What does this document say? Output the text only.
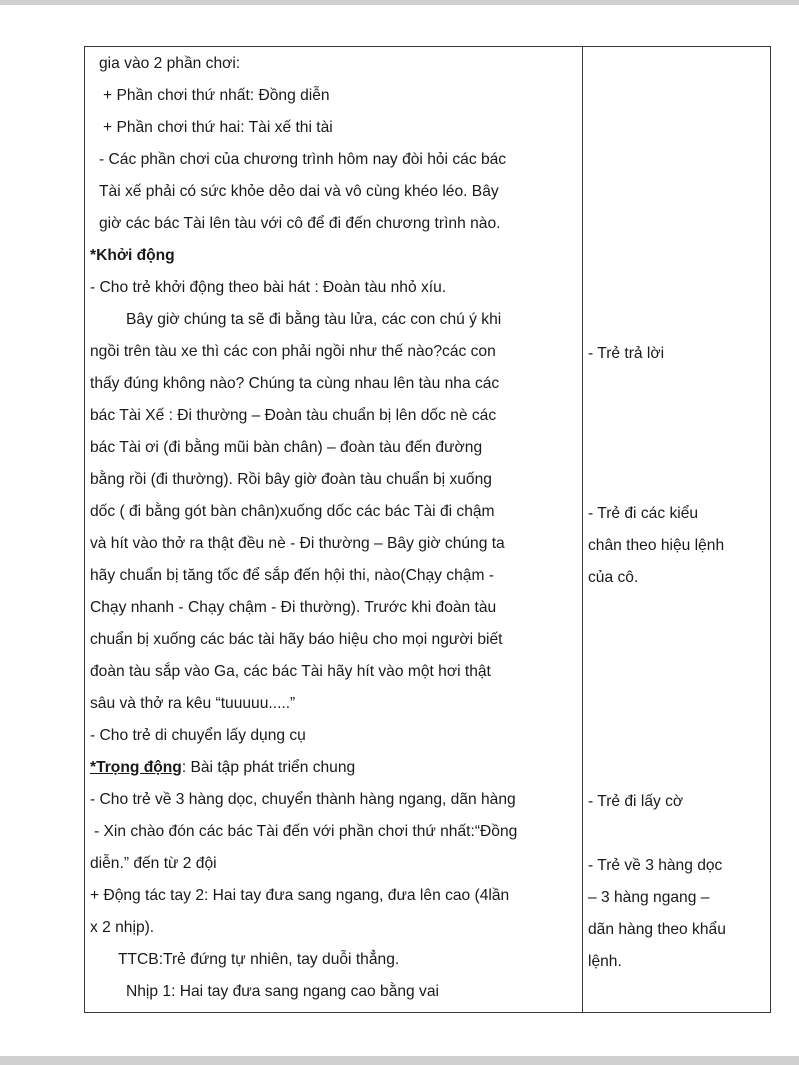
gia vào 2 phần chơi:
+ Phần chơi thứ nhất: Đồng diễn
+ Phần chơi thứ hai: Tài xế thi tài
- Các phần chơi của chương trình hôm nay đòi hỏi các bác
Tài xế phải có sức khỏe dẻo dai và vô cùng khéo léo. Bây
giờ các bác Tài lên tàu với cô để đi đến chương trình nào.
*Khởi động
- Cho trẻ khởi động theo bài hát : Đoàn tàu nhỏ xíu.
Bây giờ chúng ta sẽ đi bằng tàu lửa, các con chú ý khi
ngồi trên tàu xe thì các con phải ngồi như thế nào?các con
thấy đúng không nào? Chúng ta cùng nhau lên tàu nha các
bác Tài Xế : Đi thường – Đoàn tàu chuẩn bị lên dốc nè các
bác Tài ơi (đi bằng mũi bàn chân) – đoàn tàu đến đường
bằng rồi (đi thường). Rồi bây giờ đoàn tàu chuẩn bị xuống
dốc ( đi bằng gót bàn chân)xuống dốc các bác Tài đi chậm
và hít vào thở ra thật đều nè - Đi thường – Bây giờ chúng ta
hãy chuẩn bị tăng tốc để sắp đến hội thi, nào(Chạy chậm -
Chạy nhanh - Chạy chậm - Đi thường). Trước khi đoàn tàu
chuẩn bị xuống các bác tài hãy báo hiệu cho mọi người biết
đoàn tàu sắp vào Ga, các bác Tài hãy hít vào một hơi thật
sâu và thở ra kêu “tuuuuu.....”
- Cho trẻ di chuyển lấy dụng cụ
*Trọng động: Bài tập phát triển chung
- Cho trẻ về 3 hàng dọc, chuyển thành hàng ngang, dãn hàng
- Xin chào đón các bác Tài đến với phần chơi thứ nhất:“Đồng
diễn.” đến từ 2 đội
+ Động tác tay 2: Hai tay đưa sang ngang, đưa lên cao (4lần
x 2 nhịp).
TTCB:Trẻ đứng tự nhiên, tay duỗi thẳng.
Nhịp 1: Hai tay đưa sang ngang cao bằng vai
- Trẻ trả lời
- Trẻ đi các kiểu
chân theo hiệu lệnh
của cô.
- Trẻ đi lấy cờ
- Trẻ về 3 hàng dọc
– 3 hàng ngang –
dãn hàng theo khẩu
lệnh.
